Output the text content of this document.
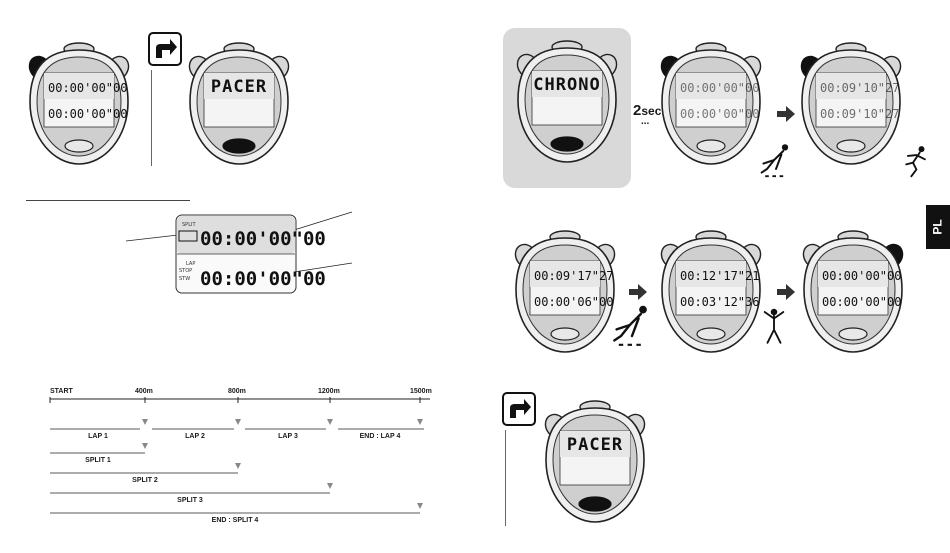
00:00'00"00
00:00'00"00
PACER
SPLIT
00:00'00"00
LAP
STOP
STW 00:00'00"00
START	400m	800m	1200m	1500m
LAP 1	LAP 2	LAP 3	END : LAP 4
SPLIT 1
SPLIT 2
SPLIT 3
END : SPLIT 4
CHRONO
2sec
...
00:00'00"00
00:00'00"00
00:09'10"27
00:09'10"27
PL
00:09'17"27
00:00'06"00
00:12'17"21
00:03'12"36
00:00'00"00
00:00'00"00
PACER
